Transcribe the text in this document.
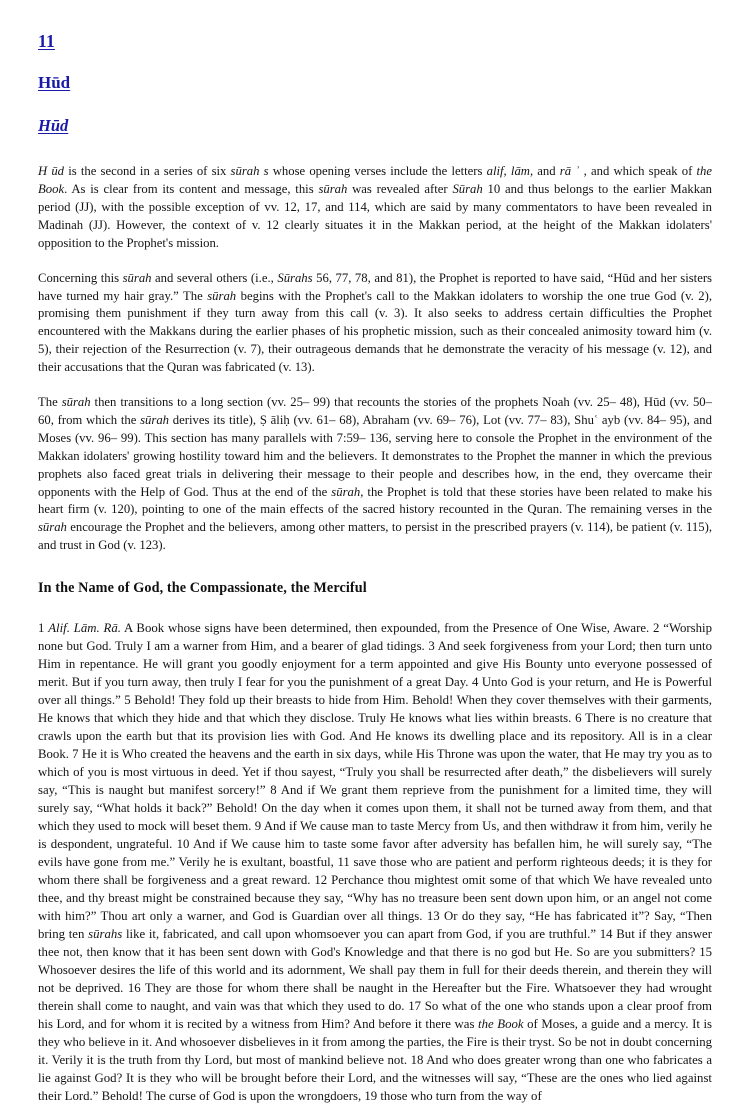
11
Hūd
Hūd

H ūd is the second in a series of six sūrah s whose opening verses include the letters alif, lām, and rā ʾ , and which speak of the Book. As is clear from its content and message, this sūrah was revealed after Sūrah 10 and thus belongs to the earlier Makkan period (JJ), with the possible exception of vv. 12, 17, and 114, which are said by many commentators to have been revealed in Madinah (JJ). However, the context of v. 12 clearly situates it in the Makkan period, at the height of the Makkan idolaters' opposition to the Prophet's mission.

Concerning this sūrah and several others (i.e., Sūrahs 56, 77, 78, and 81), the Prophet is reported to have said, “Hūd and her sisters have turned my hair gray.” The sūrah begins with the Prophet's call to the Makkan idolaters to worship the one true God (v. 2), promising them punishment if they turn away from this call (v. 3). It also seeks to address certain difficulties the Prophet encountered with the Makkans during the earlier phases of his prophetic mission, such as their concealed animosity toward him (v. 5), their rejection of the Resurrection (v. 7), their outrageous demands that he demonstrate the veracity of his message (v. 12), and their accusations that the Quran was fabricated (v. 13).

The sūrah then transitions to a long section (vv. 25– 99) that recounts the stories of the prophets Noah (vv. 25– 48), Hūd (vv. 50– 60, from which the sūrah derives its title), Ṣ āliḥ (vv. 61– 68), Abraham (vv. 69– 76), Lot (vv. 77– 83), Shuʿ ayb (vv. 84– 95), and Moses (vv. 96– 99). This section has many parallels with 7:59– 136, serving here to console the Prophet in the environment of the Makkan idolaters' growing hostility toward him and the believers. It demonstrates to the Prophet the manner in which the previous prophets also faced great trials in delivering their message to their people and describes how, in the end, they overcame their opponents with the Help of God. Thus at the end of the sūrah, the Prophet is told that these stories have been related to make his heart firm (v. 120), pointing to one of the main effects of the sacred history recounted in the Quran. The remaining verses in the sūrah encourage the Prophet and the believers, among other matters, to persist in the prescribed prayers (v. 114), be patient (v. 115), and trust in God (v. 123).

In the Name of God, the Compassionate, the Merciful

1 Alif. Lām. Rā. A Book whose signs have been determined, then expounded, from the Presence of One Wise, Aware. 2 “Worship none but God. Truly I am a warner from Him, and a bearer of glad tidings. 3 And seek forgiveness from your Lord; then turn unto Him in repentance. He will grant you goodly enjoyment for a term appointed and give His Bounty unto everyone possessed of merit. But if you turn away, then truly I fear for you the punishment of a great Day. 4 Unto God is your return, and He is Powerful over all things.” 5 Behold! They fold up their breasts to hide from Him. Behold! When they cover themselves with their garments, He knows that which they hide and that which they disclose. Truly He knows what lies within breasts. 6 There is no creature that crawls upon the earth but that its provision lies with God. And He knows its dwelling place and its repository. All is in a clear Book. 7 He it is Who created the heavens and the earth in six days, while His Throne was upon the water, that He may try you as to which of you is most virtuous in deed. Yet if thou sayest, “Truly you shall be resurrected after death,” the disbelievers will surely say, “This is naught but manifest sorcery!” 8 And if We grant them reprieve from the punishment for a limited time, they will surely say, “What holds it back?” Behold! On the day when it comes upon them, it shall not be turned away from them, and that which they used to mock will beset them. 9 And if We cause man to taste Mercy from Us, and then withdraw it from him, verily he is despondent, ungrateful. 10 And if We cause him to taste some favor after adversity has befallen him, he will surely say, “The evils have gone from me.” Verily he is exultant, boastful, 11 save those who are patient and perform righteous deeds; it is they for whom there shall be forgiveness and a great reward. 12 Perchance thou mightest omit some of that which We have revealed unto thee, and thy breast might be constrained because they say, “Why has no treasure been sent down upon him, or an angel not come with him?” Thou art only a warner, and God is Guardian over all things. 13 Or do they say, “He has fabricated it”? Say, “Then bring ten sūrahs like it, fabricated, and call upon whomsoever you can apart from God, if you are truthful.” 14 But if they answer thee not, then know that it has been sent down with God's Knowledge and that there is no god but He. So are you submitters? 15 Whosoever desires the life of this world and its adornment, We shall pay them in full for their deeds therein, and therein they will not be deprived. 16 They are those for whom there shall be naught in the Hereafter but the Fire. Whatsoever they had wrought therein shall come to naught, and vain was that which they used to do. 17 So what of the one who stands upon a clear proof from his Lord, and for whom it is recited by a witness from Him? And before it there was the Book of Moses, a guide and a mercy. It is they who believe in it. And whosoever disbelieves in it from among the parties, the Fire is their tryst. So be not in doubt concerning it. Verily it is the truth from thy Lord, but most of mankind believe not. 18 And who does greater wrong than one who fabricates a lie against God? It is they who will be brought before their Lord, and the witnesses will say, “These are the ones who lied against their Lord.” Behold! The curse of God is upon the wrongdoers, 19 those who turn from the way of
